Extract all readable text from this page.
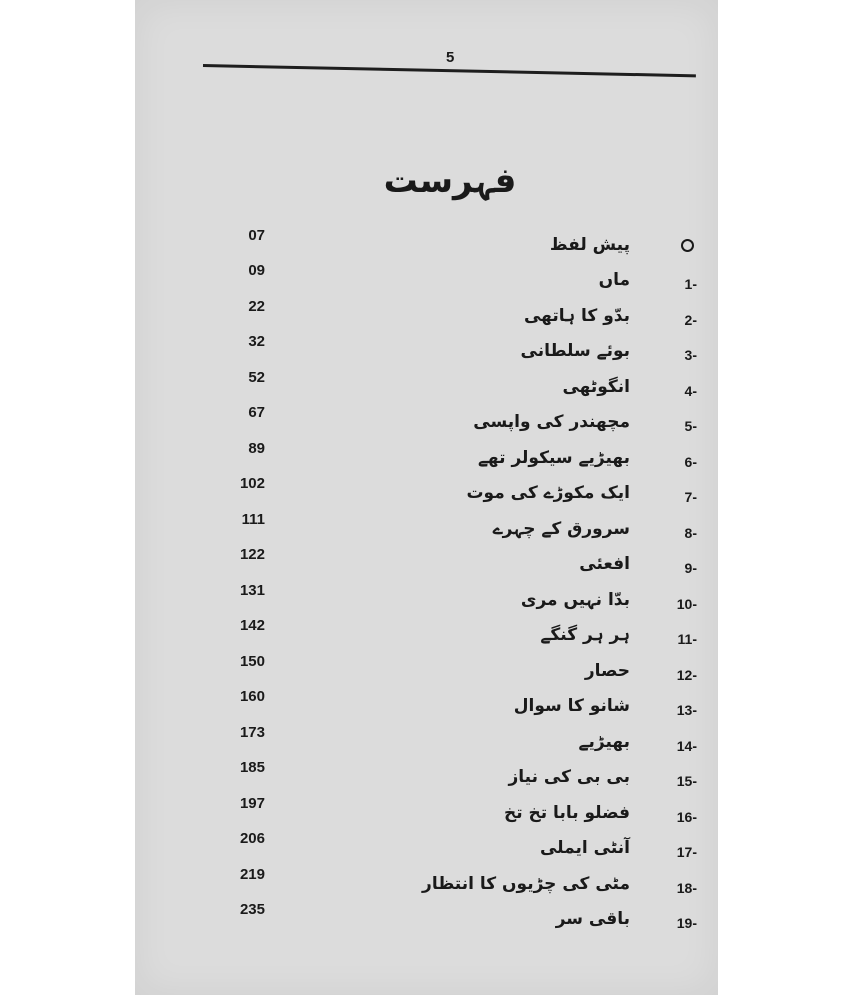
5
فہرست
07	پیش لفظ
09	ماں	1-
22	بدّو کا ہاتھی	2-
32	بوئے سلطانی	3-
52	انگوٹھی	4-
67	مچھندر کی واپسی	5-
89	بھیڑیے سیکولر تھے	6-
102	ایک مکوڑے کی موت	7-
111	سرورق کے چہرے	8-
122	افعئی	9-
131	بدّا نہیں مری	10-
142	ہر ہر گنگے	11-
150	حصار	12-
160	شانو کا سوال	13-
173	بھیڑیے	14-
185	بی بی کی نیاز	15-
197	فضلو بابا تخ تخ	16-
206	آنٹی ایملی	17-
219	مٹی کی چڑیوں کا انتظار	18-
235	باقی سر	19-
